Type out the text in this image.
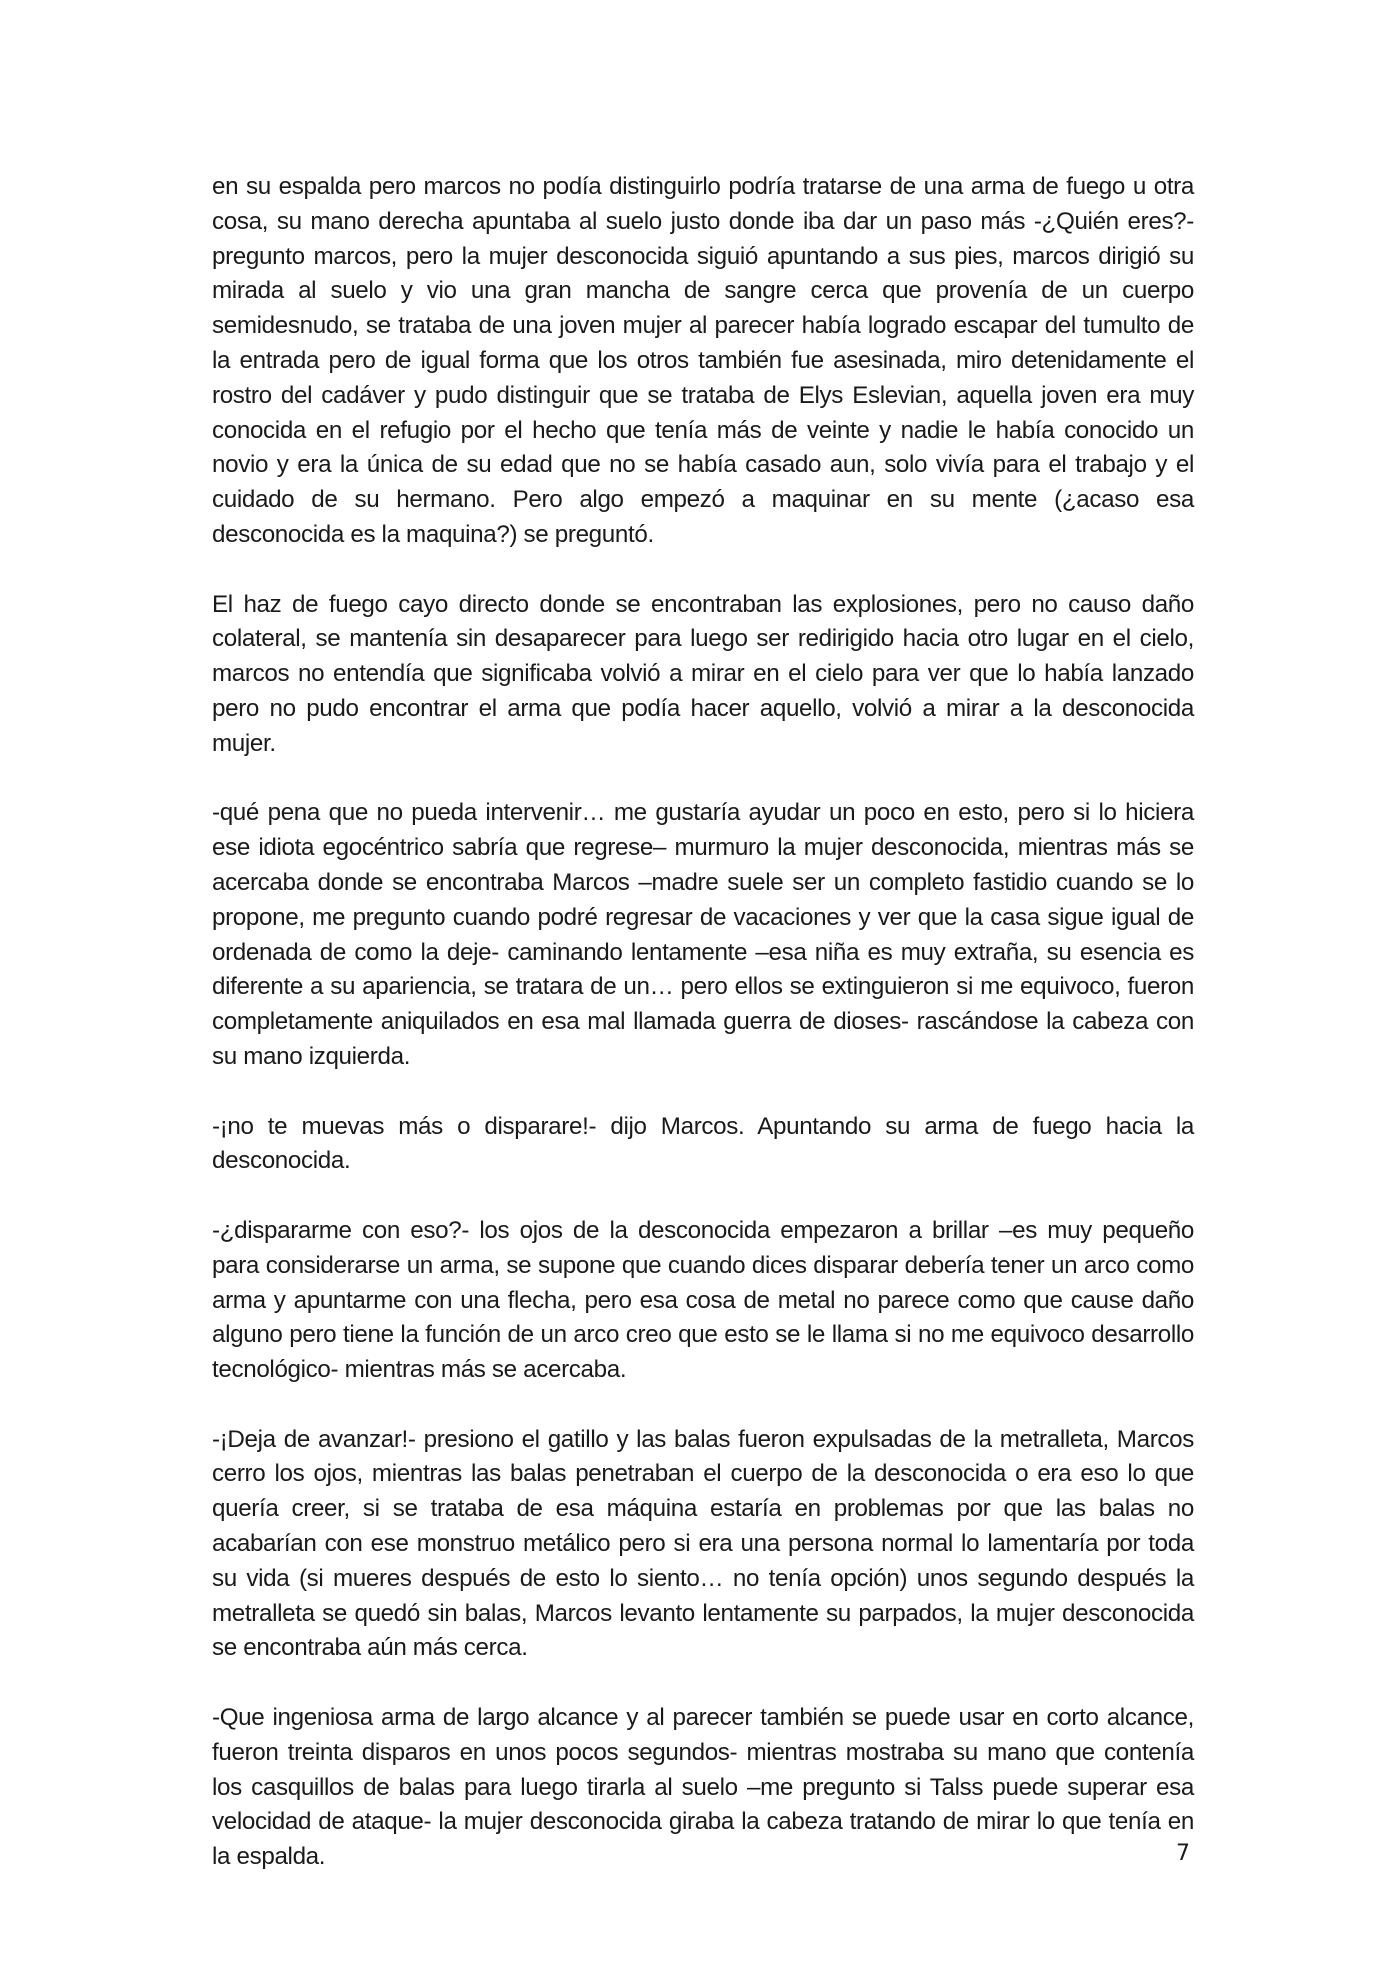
en su espalda pero marcos no podía distinguirlo podría tratarse de una arma de fuego u otra cosa, su mano derecha apuntaba al suelo justo donde iba dar un paso más -¿Quién eres?- pregunto marcos, pero la mujer desconocida siguió apuntando a sus pies, marcos dirigió su mirada al suelo y vio una gran mancha de sangre cerca que provenía de un cuerpo semidesnudo, se trataba de una joven mujer al parecer había logrado escapar del tumulto de la entrada pero de igual forma que los otros también fue asesinada, miro detenidamente el rostro del cadáver y pudo distinguir que se trataba de Elys Eslevian, aquella joven era muy conocida en el refugio por el hecho que tenía más de veinte y nadie le había conocido un novio y era la única de su edad que no se había casado aun, solo vivía para el trabajo y el cuidado de su hermano. Pero algo empezó a maquinar en su mente (¿acaso esa desconocida es la maquina?) se preguntó.

El haz de fuego cayo directo donde se encontraban las explosiones, pero no causo daño colateral, se mantenía sin desaparecer para luego ser redirigido hacia otro lugar en el cielo, marcos no entendía que significaba volvió a mirar en el cielo para ver que lo había lanzado pero no pudo encontrar el arma que podía hacer aquello, volvió a mirar a la desconocida mujer.

-qué pena que no pueda intervenir… me gustaría ayudar un poco en esto, pero si lo hiciera ese idiota egocéntrico sabría que regrese– murmuro la mujer desconocida, mientras más se acercaba donde se encontraba Marcos –madre suele ser un completo fastidio cuando se lo propone, me pregunto cuando podré regresar de vacaciones y ver que la casa sigue igual de ordenada de como la deje- caminando lentamente –esa niña es muy extraña, su esencia es diferente a su apariencia, se tratara de un… pero ellos se extinguieron si me equivoco, fueron completamente aniquilados en esa mal llamada guerra de dioses- rascándose la cabeza con su mano izquierda.

-¡no te muevas más o disparare!- dijo Marcos. Apuntando su arma de fuego hacia la desconocida.

-¿dispararme con eso?- los ojos de la desconocida empezaron a brillar –es muy pequeño para considerarse un arma, se supone que cuando dices disparar debería tener un arco como arma y apuntarme con una flecha, pero esa cosa de metal no parece como que cause daño alguno pero tiene la función de un arco creo que esto se le llama si no me equivoco desarrollo tecnológico- mientras más se acercaba.

-¡Deja de avanzar!- presiono el gatillo y las balas fueron expulsadas de la metralleta, Marcos cerro los ojos, mientras las balas penetraban el cuerpo de la desconocida o era eso lo que quería creer, si se trataba de esa máquina estaría en problemas por que las balas no acabarían con ese monstruo metálico pero si era una persona normal lo lamentaría por toda su vida (si mueres después de esto lo siento… no tenía opción) unos segundo después la metralleta se quedó sin balas, Marcos levanto lentamente su parpados, la mujer desconocida se encontraba aún más cerca.

-Que ingeniosa arma de largo alcance y al parecer también se puede usar en corto alcance, fueron treinta disparos en unos pocos segundos- mientras mostraba su mano que contenía los casquillos de balas para luego tirarla al suelo –me pregunto si Talss puede superar esa velocidad de ataque- la mujer desconocida giraba la cabeza tratando de mirar lo que tenía en la espalda.	7
